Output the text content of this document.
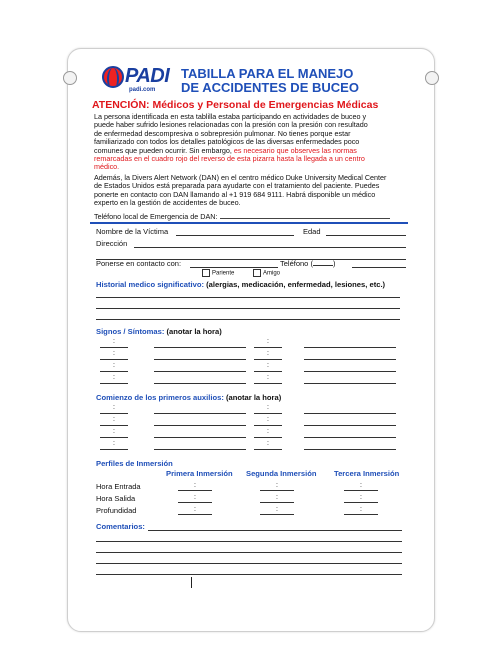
PADI
padi.com
TABILLA PARA EL MANEJO
DE ACCIDENTES DE BUCEO
ATENCIÓN: Médicos y Personal de Emergencias Médicas
La persona identificada en esta tablilla estaba participando en actividades de buceo y
puede haber sufrido lesiones relacionadas con la presión con la presión con resultado
de enfermedad descompresiva o sobrepresión pulmonar. No tienes porque estar
familiarizado con todos los detalles patológicos de las diversas enfermedades poco
comunes que pueden ocurrir. Sin embargo, es necesario que observes las normas
remarcadas en el cuadro rojo del reverso de esta pizarra hasta la llegada a un centro
médico.
Además, la Divers Alert Network (DAN) en el centro médico Duke University Medical Center
de Estados Unidos está preparada para ayudarte con el tratamiento del paciente. Puedes
ponerte en contacto con DAN llamando al +1 919 684 9111. Habrá disponible un médico
experto en la gestión de accidentes de buceo.
Teléfono local de Emergencia de DAN:
Nombre de la Víctima	Edad
Dirección
Ponerse en contacto con:	Teléfono (	)
Pariente	Amigo
Historial medico significativo: (alergias, medicación, enfermedad, lesiones, etc.)
Signos / Síntomas: (anotar la hora)
:	:
:	:
:	:
:	:
Comienzo de los primeros auxilios: (anotar la hora)
:	:
:	:
:	:
:	:
Perfiles de Inmersión
Primera Inmersión Segunda Inmersión Tercera Inmersión
Hora Entrada	:	:	:
Hora Salida	:	:	:
Profundidad	:	:	:
Comentarios:
